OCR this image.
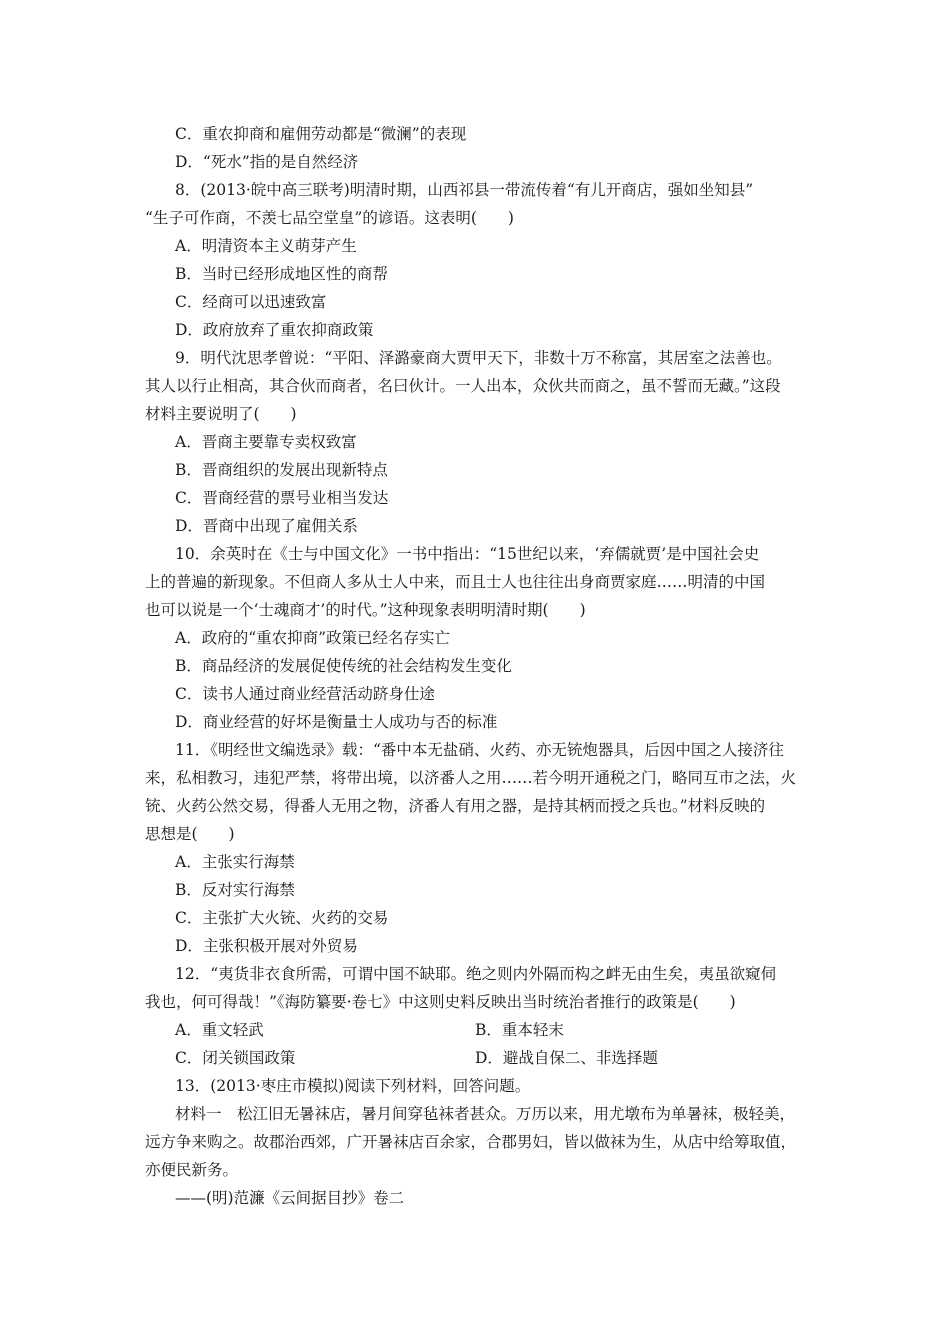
C．重农抑商和雇佣劳动都是“微澜”的表现
D．“死水”指的是自然经济
8．(2013·皖中高三联考)明清时期，山西祁县一带流传着“有儿开商店，强如坐知县”
“生子可作商，不羡七品空堂皇”的谚语。这表明(　　)
A．明清资本主义萌芽产生
B．当时已经形成地区性的商帮
C．经商可以迅速致富
D．政府放弃了重农抑商政策
9．明代沈思孝曾说：“平阳、泽潞豪商大贾甲天下，非数十万不称富，其居室之法善也。
其人以行止相高，其合伙而商者，名曰伙计。一人出本，众伙共而商之，虽不誓而无藏。”这段
材料主要说明了(　　)
A．晋商主要靠专卖权致富
B．晋商组织的发展出现新特点
C．晋商经营的票号业相当发达
D．晋商中出现了雇佣关系
10．余英时在《士与中国文化》一书中指出：“15世纪以来，‘弃儒就贾’是中国社会史
上的普遍的新现象。不但商人多从士人中来，而且士人也往往出身商贾家庭……明清的中国
也可以说是一个‘士魂商才’的时代。”这种现象表明明清时期(　　)
A．政府的“重农抑商”政策已经名存实亡
B．商品经济的发展促使传统的社会结构发生变化
C．读书人通过商业经营活动跻身仕途
D．商业经营的好坏是衡量士人成功与否的标准
11．《明经世文编选录》载：“番中本无盐硝、火药、亦无铳炮器具，后因中国之人接济往
来，私相教习，违犯严禁，将带出境，以济番人之用……若今明开通税之门，略同互市之法，火
铳、火药公然交易，得番人无用之物，济番人有用之器，是持其柄而授之兵也。”材料反映的
思想是(　　)
A．主张实行海禁
B．反对实行海禁
C．主张扩大火铳、火药的交易
D．主张积极开展对外贸易
12．“夷货非衣食所需，可谓中国不缺耶。绝之则内外隔而构之衅无由生矣，夷虽欲窥伺
我也，何可得哉！”《海防纂要·卷七》中这则史料反映出当时统治者推行的政策是(　　)
A．重文轻武	B．重本轻末
C．闭关锁国政策	D．避战自保二、非选择题
13．(2013·枣庄市模拟)阅读下列材料，回答问题。
材料一　松江旧无暑袜店，暑月间穿毡袜者甚众。万历以来，用尤墩布为单暑袜，极轻美，
远方争来购之。故郡治西郊，广开暑袜店百余家，合郡男妇，皆以做袜为生，从店中给筹取值，
亦便民新务。
——(明)范濂《云间据目抄》卷二
